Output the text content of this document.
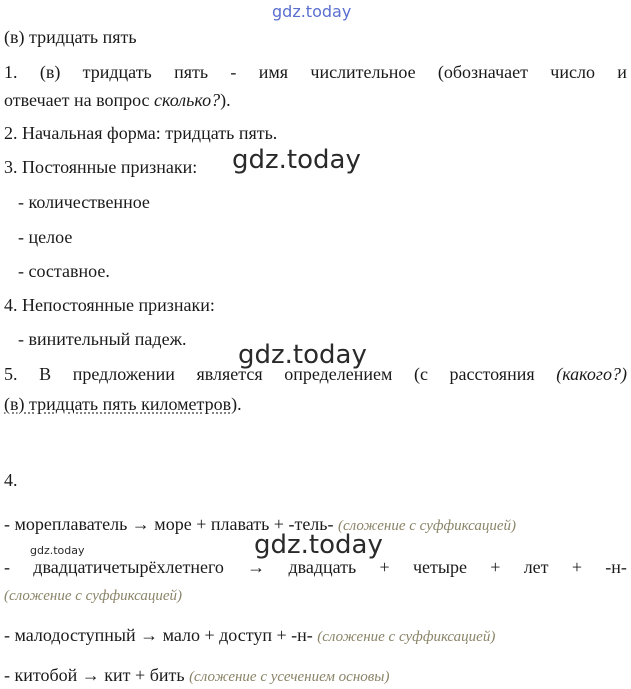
gdz.today
(в) тридцать пять
1. (в) тридцать пять - имя числительное (обозначает число и
отвечает на вопрос сколько?).
2. Начальная форма: тридцать пять.
3. Постоянные признаки: gdz.today
- количественное
- целое
- составное.
4. Непостоянные признаки:
- винительный падеж.
gdz.today
5. В предложении является определением (с расстояния (какого?)
(в) тридцать пять километров).
4.
- мореплаватель → море + плавать + -тель- (сложение с суффиксацией)
gdz.today	gdz.today
- двадцатичетырёхлетнего → двадцать + четыре + лет + -н-
(сложение с суффиксацией)
- малодоступный → мало + доступ + -н- (сложение с суффиксацией)
- китобой → кит + бить (сложение с усечением основы)
